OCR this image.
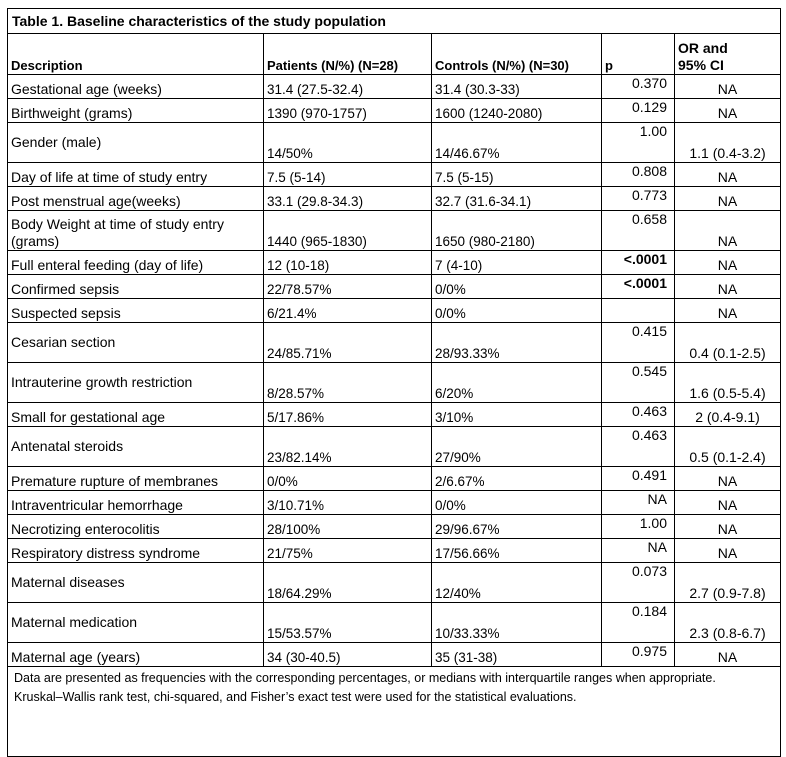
Table 1. Baseline characteristics of the study population				
Description	Patients (N/%) (N=28)	Controls (N/%) (N=30)	p	OR and
95% CI
Gestational age (weeks)	31.4 (27.5-32.4)	31.4 (30.3-33)	0.370	NA
Birthweight (grams)	1390 (970-1757)	1600 (1240-2080)	0.129	NA
Gender (male)	14/50%	14/46.67%	1.00	1.1 (0.4-3.2)
Day of life at time of study entry	7.5 (5-14)	7.5 (5-15)	0.808	NA
Post menstrual age(weeks)	33.1 (29.8-34.3)	32.7 (31.6-34.1)	0.773	NA
Body Weight at time of study entry (grams)	1440 (965-1830)	1650 (980-2180)	0.658	NA
Full enteral feeding (day of life)	12 (10-18)	7 (4-10)	<.0001	NA
Confirmed sepsis	22/78.57%	0/0%	<.0001	NA
Suspected sepsis	6/21.4%	0/0%		NA
Cesarian section	24/85.71%	28/93.33%	0.415	0.4 (0.1-2.5)
Intrauterine growth restriction	8/28.57%	6/20%	0.545	1.6 (0.5-5.4)
Small for gestational age	5/17.86%	3/10%	0.463	2 (0.4-9.1)
Antenatal steroids	23/82.14%	27/90%	0.463	0.5 (0.1-2.4)
Premature rupture of membranes	0/0%	2/6.67%	0.491	NA
Intraventricular hemorrhage	3/10.71%	0/0%	NA	NA
Necrotizing enterocolitis	28/100%	29/96.67%	1.00	NA
Respiratory distress syndrome	21/75%	17/56.66%	NA	NA
Maternal diseases	18/64.29%	12/40%	0.073	2.7 (0.9-7.8)
Maternal medication	15/53.57%	10/33.33%	0.184	2.3 (0.8-6.7)
Maternal age (years)	34 (30-40.5)	35 (31-38)	0.975	NA

Data are presented as frequencies with the corresponding percentages, or medians with interquartile ranges when appropriate.
Kruskal–Wallis rank test, chi-squared, and Fisher’s exact test were used for the statistical evaluations.				
